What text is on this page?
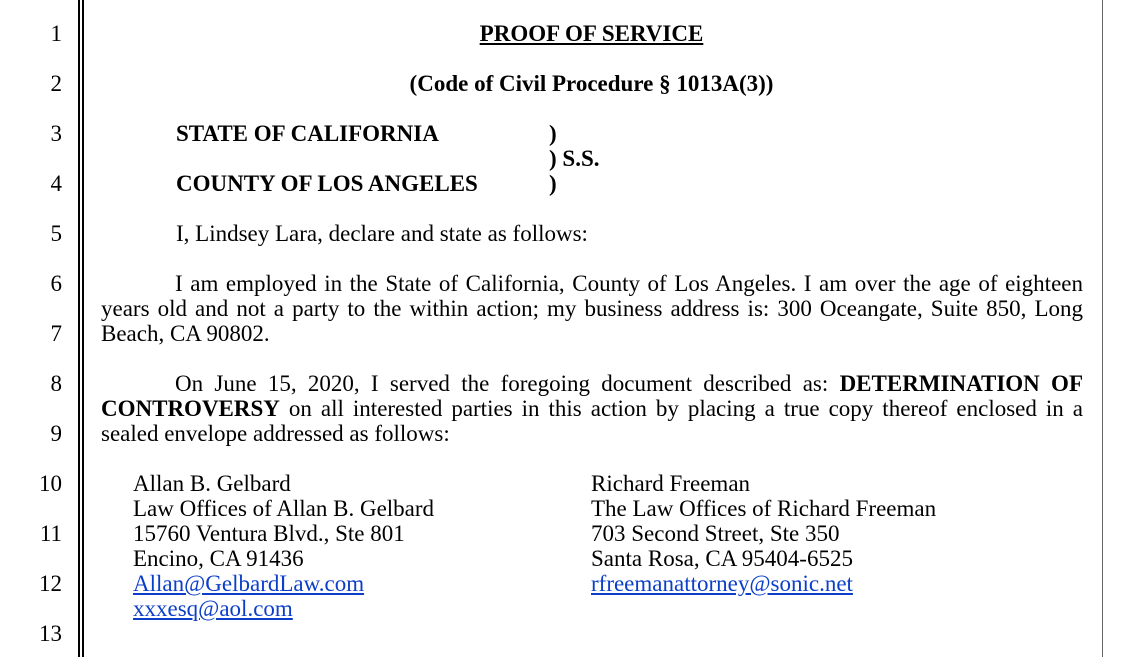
1
2
3
4
5
6
7
8
9
10
11
12
13
PROOF OF SERVICE
(Code of Civil Procedure § 1013A(3))
STATE OF CALIFORNIA	)
) S.S.
COUNTY OF LOS ANGELES	)
I, Lindsey Lara, declare and state as follows:
I am employed in the State of California, County of Los Angeles. I am over the age of eighteen years old and not a party to the within action; my business address is: 300 Oceangate, Suite 850, Long Beach, CA 90802.
On June 15, 2020, I served the foregoing document described as: DETERMINATION OF CONTROVERSY on all interested parties in this action by placing a true copy thereof enclosed in a sealed envelope addressed as follows:
Allan B. Gelbard
Law Offices of Allan B. Gelbard
15760 Ventura Blvd., Ste 801
Encino, CA 91436
Allan@GelbardLaw.com
xxxesq@aol.com
Richard Freeman
The Law Offices of Richard Freeman
703 Second Street, Ste 350
Santa Rosa, CA 95404-6525
rfreemanattorney@sonic.net
